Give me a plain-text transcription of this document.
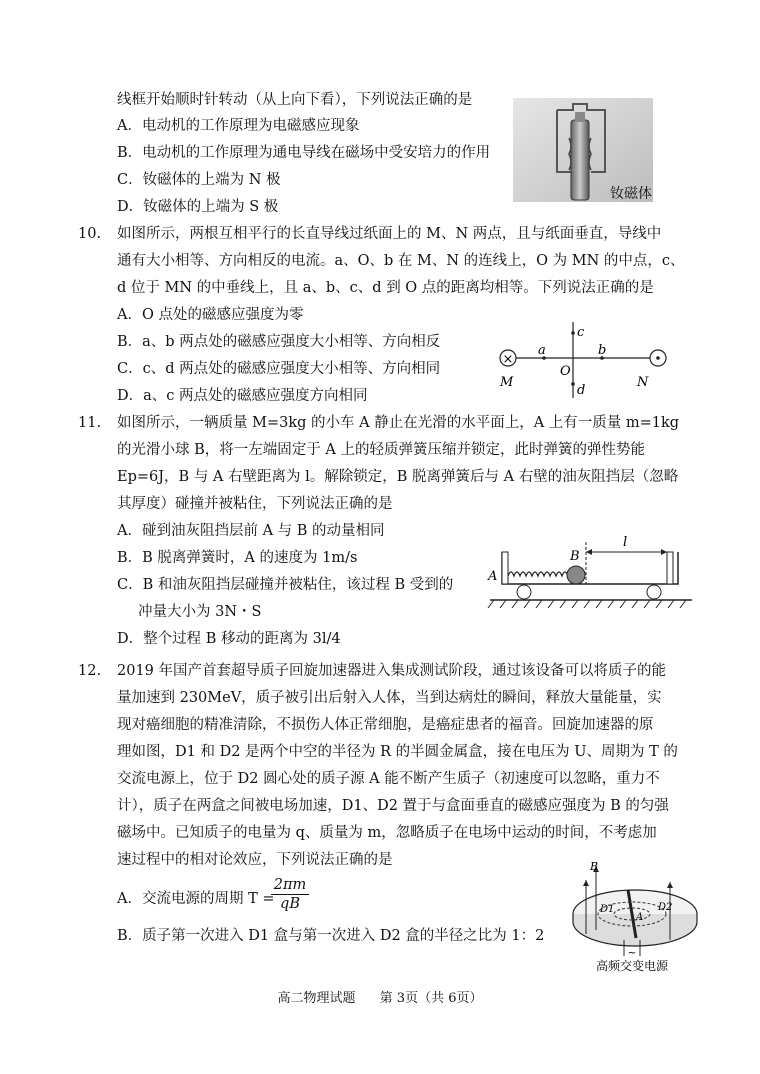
线框开始顺时针转动（从上向下看），下列说法正确的是
A．电动机的工作原理为电磁感应现象
B．电动机的工作原理为通电导线在磁场中受安培力的作用
C．钕磁体的上端为 N 极
D．钕磁体的上端为 S 极
钕磁体
10. 如图所示，两根互相平行的长直导线过纸面上的 M、N 两点，且与纸面垂直，导线中
通有大小相等、方向相反的电流。a、O、b 在 M、N 的连线上，O 为 MN 的中点，c、
d 位于 MN 的中垂线上，且 a、b、c、d 到 O 点的距离均相等。下列说法正确的是
A．O 点处的磁感应强度为零
B．a、b 两点处的磁感应强度大小相等、方向相反
C．c、d 两点处的磁感应强度大小相等、方向相同
D．a、c 两点处的磁感应强度方向相同
×
a	b
c
d
O
M	N
11. 如图所示，一辆质量 M=3kg 的小车 A 静止在光滑的水平面上，A 上有一质量 m=1kg
的光滑小球 B，将一左端固定于 A 上的轻质弹簧压缩并锁定，此时弹簧的弹性势能
Ep=6J，B 与 A 右壁距离为 l。解除锁定，B 脱离弹簧后与 A 右壁的油灰阻挡层（忽略
其厚度）碰撞并被粘住，下列说法正确的是
A．碰到油灰阻挡层前 A 与 B 的动量相同
B．B 脱离弹簧时，A 的速度为 1m/s
C．B 和油灰阻挡层碰撞并被粘住，该过程 B 受到的
冲量大小为 3N・S
D．整个过程 B 移动的距离为 3l/4
A
B
l
12. 2019 年国产首套超导质子回旋加速器进入集成测试阶段，通过该设备可以将质子的能
量加速到 230MeV，质子被引出后射入人体，当到达病灶的瞬间，释放大量能量，实
现对癌细胞的精准清除，不损伤人体正常细胞，是癌症患者的福音。回旋加速器的原
理如图，D1 和 D2 是两个中空的半径为 R 的半圆金属盒，接在电压为 U、周期为 T 的
交流电源上，位于 D2 圆心处的质子源 A 能不断产生质子（初速度可以忽略，重力不
计），质子在两盒之间被电场加速，D1、D2 置于与盒面垂直的磁感应强度为 B 的匀强
磁场中。已知质子的电量为 q、质量为 m，忽略质子在电场中运动的时间，不考虑加
速过程中的相对论效应，下列说法正确的是
A．交流电源的周期 T =
$\frac{2\pi m}{qB}$
B．质子第一次进入 D1 盒与第一次进入 D2 盒的半径之比为 1：2
~
B
D1	D2
A
高频交变电源
高二物理试题 第 3页（共 6页）
